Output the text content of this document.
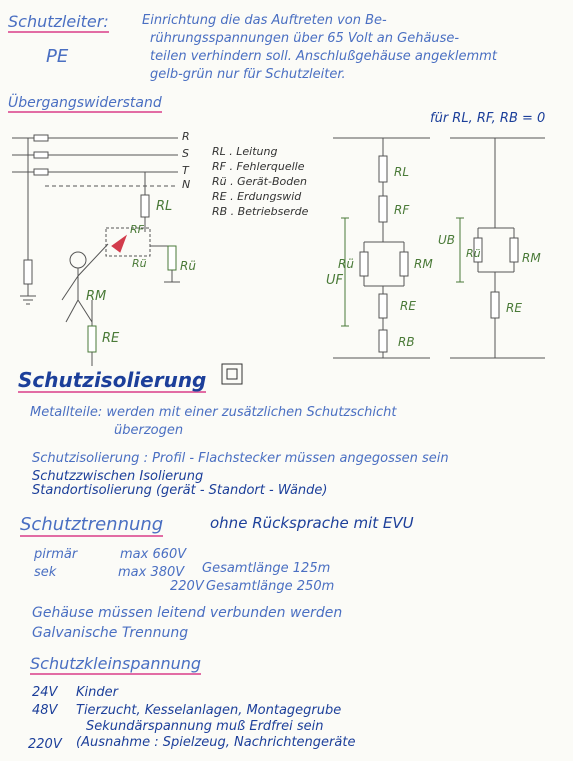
Schutzleiter:
PE
Einrichtung die das Auftreten von Be-
rührungsspannungen über 65 Volt an Gehäuse-
teilen verhindern soll. Anschlußgehäuse angeklemmt
gelb-grün nur für Schutzleiter.
Übergangswiderstand
für RL, RF, RB = 0
R
S
T
N
RL . Leitung
RF . Fehlerquelle
Rü . Gerät-Boden
RE . Erdungswid
RB . Betriebserde
RL
RF
Rü	Rü
RM
RE
RL
RF
Rü	RM
UF
RE
RB
UB
Rü	RM
RE
Schutzisolierung
Metallteile: werden mit einer zusätzlichen Schutzschicht
überzogen
Schutzisolierung : Profil - Flachstecker müssen angegossen sein
Schutzzwischen Isolierung
Standortisolierung (gerät - Standort - Wände)
Schutztrennung	ohne Rücksprache mit EVU
pirmär	max 660V
sek	max 380V Gesamtlänge 125m
220V Gesamtlänge 250m
Gehäuse müssen leitend verbunden werden
Galvanische Trennung
Schutzkleinspannung
24V Kinder
48V Tierzucht, Kesselanlagen, Montagegrube
Sekundärspannung muß Erdfrei sein
220V (Ausnahme : Spielzeug, Nachrichtengeräte
